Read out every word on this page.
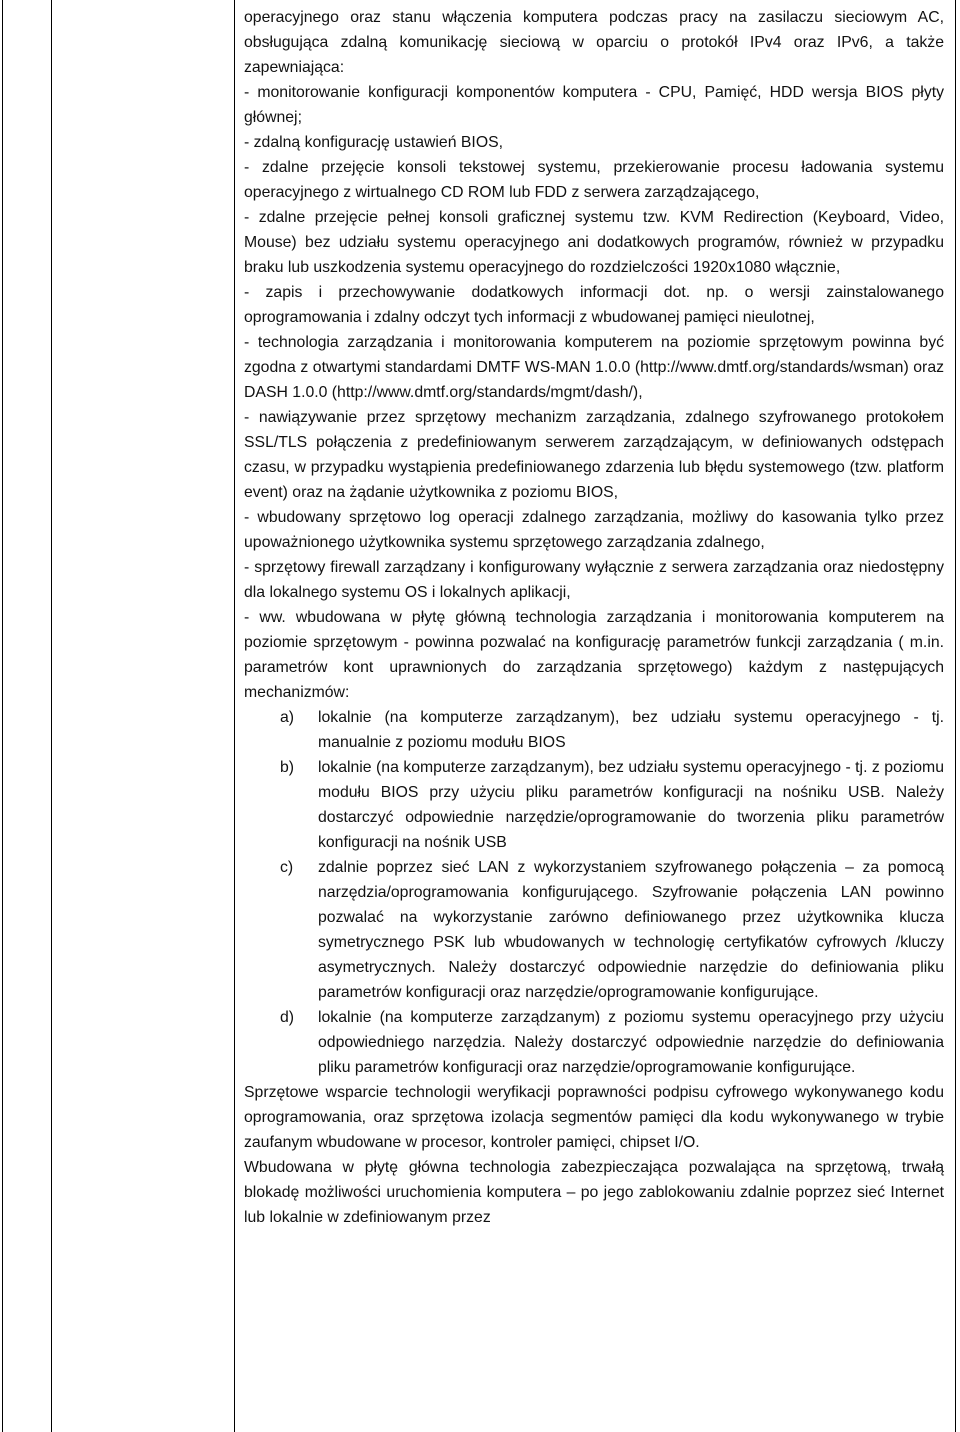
operacyjnego oraz stanu włączenia komputera podczas pracy na zasilaczu sieciowym AC, obsługująca zdalną komunikację sieciową w oparciu o protokół IPv4 oraz IPv6, a także zapewniająca:

- monitorowanie konfiguracji komponentów komputera - CPU, Pamięć, HDD wersja BIOS płyty głównej;

- zdalną konfigurację ustawień BIOS,

- zdalne przejęcie konsoli tekstowej systemu, przekierowanie procesu ładowania systemu operacyjnego z wirtualnego CD ROM lub FDD z serwera zarządzającego,

- zdalne przejęcie pełnej konsoli graficznej systemu tzw. KVM Redirection (Keyboard, Video, Mouse) bez udziału systemu operacyjnego ani dodatkowych programów, również w przypadku braku lub uszkodzenia systemu operacyjnego do rozdzielczości 1920x1080 włącznie,

- zapis i przechowywanie dodatkowych informacji dot. np. o wersji zainstalowanego oprogramowania i zdalny odczyt tych informacji z wbudowanej pamięci nieulotnej,

- technologia zarządzania i monitorowania komputerem na poziomie sprzętowym powinna być zgodna z otwartymi standardami DMTF WS-MAN 1.0.0 (http://www.dmtf.org/standards/wsman) oraz DASH 1.0.0 (http://www.dmtf.org/standards/mgmt/dash/),

- nawiązywanie przez sprzętowy mechanizm zarządzania, zdalnego szyfrowanego protokołem SSL/TLS połączenia z predefiniowanym serwerem zarządzającym, w definiowanych odstępach czasu, w przypadku wystąpienia predefiniowanego zdarzenia lub błędu systemowego (tzw. platform event) oraz na żądanie użytkownika z poziomu BIOS,

- wbudowany sprzętowo log operacji zdalnego zarządzania, możliwy do kasowania tylko przez upoważnionego użytkownika systemu sprzętowego zarządzania zdalnego,

- sprzętowy firewall zarządzany i konfigurowany wyłącznie z serwera zarządzania oraz niedostępny dla lokalnego systemu OS i lokalnych aplikacji,

- ww. wbudowana w płytę główną technologia zarządzania i monitorowania komputerem na poziomie sprzętowym - powinna pozwalać na konfigurację parametrów funkcji zarządzania ( m.in. parametrów kont uprawnionych do zarządzania sprzętowego) każdym z następujących mechanizmów:

a) lokalnie (na komputerze zarządzanym), bez udziału systemu operacyjnego - tj. manualnie z poziomu modułu BIOS
b) lokalnie (na komputerze zarządzanym), bez udziału systemu operacyjnego - tj. z poziomu modułu BIOS przy użyciu pliku parametrów konfiguracji na nośniku USB. Należy dostarczyć odpowiednie narzędzie/oprogramowanie do tworzenia pliku parametrów konfiguracji na nośnik USB
c) zdalnie poprzez sieć LAN z wykorzystaniem szyfrowanego połączenia – za pomocą narzędzia/oprogramowania konfigurującego. Szyfrowanie połączenia LAN powinno pozwalać na wykorzystanie zarówno definiowanego przez użytkownika klucza symetrycznego PSK lub wbudowanych w technologię certyfikatów cyfrowych /kluczy asymetrycznych. Należy dostarczyć odpowiednie narzędzie do definiowania pliku parametrów konfiguracji oraz narzędzie/oprogramowanie konfigurujące.
d) lokalnie (na komputerze zarządzanym) z poziomu systemu operacyjnego przy użyciu odpowiedniego narzędzia. Należy dostarczyć odpowiednie narzędzie do definiowania pliku parametrów konfiguracji oraz narzędzie/oprogramowanie konfigurujące.

Sprzętowe wsparcie technologii weryfikacji poprawności podpisu cyfrowego wykonywanego kodu oprogramowania, oraz sprzętowa izolacja segmentów pamięci dla kodu wykonywanego w trybie zaufanym wbudowane w procesor, kontroler pamięci, chipset I/O.

Wbudowana w płytę główna technologia zabezpieczająca pozwalająca na sprzętową, trwałą blokadę możliwości uruchomienia komputera – po jego zablokowaniu zdalnie poprzez sieć Internet lub lokalnie w zdefiniowanym przez
